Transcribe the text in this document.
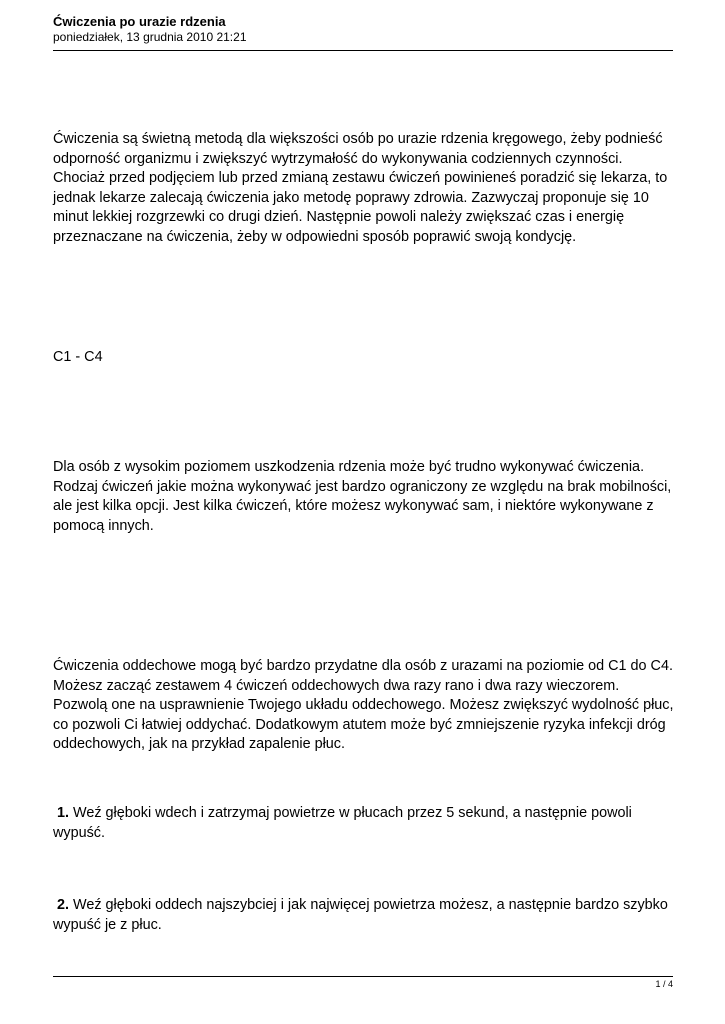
Ćwiczenia po urazie rdzenia

poniedziałek, 13 grudnia 2010 21:21

Ćwiczenia są świetną metodą dla większości osób po urazie rdzenia kręgowego, żeby podnieść odporność organizmu i zwiększyć wytrzymałość do wykonywania codziennych czynności. Chociaż przed podjęciem lub przed zmianą zestawu ćwiczeń powinieneś poradzić się lekarza, to jednak lekarze zalecają ćwiczenia jako metodę poprawy zdrowia. Zazwyczaj proponuje się 10 minut lekkiej rozgrzewki co drugi dzień. Następnie powoli należy zwiększać czas i energię przeznaczane na ćwiczenia, żeby w odpowiedni sposób poprawić swoją kondycję.

C1 - C4

Dla osób z wysokim poziomem uszkodzenia rdzenia może być trudno wykonywać ćwiczenia. Rodzaj ćwiczeń jakie można wykonywać jest bardzo ograniczony ze względu na brak mobilności, ale jest kilka opcji. Jest kilka ćwiczeń, które możesz wykonywać sam, i niektóre wykonywane z pomocą innych.

Ćwiczenia oddechowe mogą być bardzo przydatne dla osób z urazami na poziomie od C1 do C4. Możesz zacząć zestawem 4 ćwiczeń oddechowych dwa razy rano i dwa razy wieczorem. Pozwolą one na usprawnienie Twojego układu oddechowego. Możesz zwiększyć wydolność płuc, co pozwoli Ci łatwiej oddychać. Dodatkowym atutem może być zmniejszenie ryzyka infekcji dróg oddechowych, jak na przykład zapalenie płuc.

1. Weź głęboki wdech i zatrzymaj powietrze w płucach przez 5 sekund, a następnie powoli wypuść.

2. Weź głęboki oddech najszybciej i jak najwięcej powietrza możesz, a następnie bardzo szybko wypuść je z płuc.

1 / 4
